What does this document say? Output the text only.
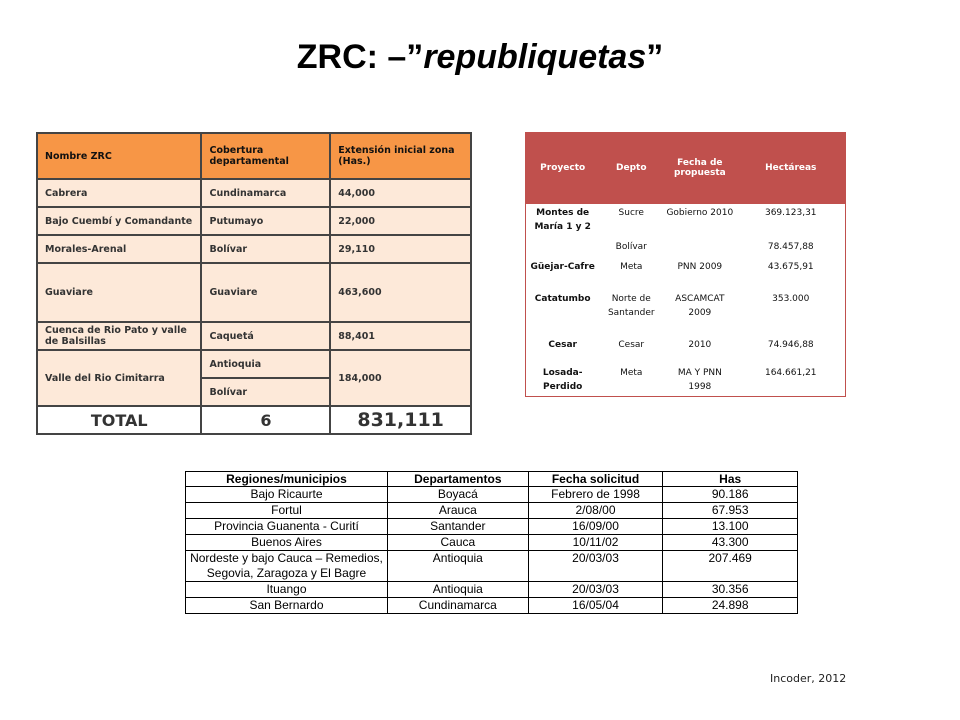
ZRC: –”republiquetas”
Nombre ZRC	Cobertura departamental	Extensión inicial zona (Has.)
Cabrera	Cundinamarca	44,000
Bajo Cuembí y Comandante	Putumayo	22,000
Morales-Arenal	Bolívar	29,110
Guaviare	Guaviare	463,600
Cuenca de Rio Pato y valle de Balsillas	Caquetá	88,401
Valle del Rio Cimitarra	Antioquia	184,000
	Bolívar	
TOTAL	6	831,111
Proyecto	Depto	Fecha de propuesta	Hectáreas
Montes de María 1 y 2	Sucre	Gobierno 2010	369.123,31
	Bolívar		78.457,88
Güejar-Cafre	Meta	PNN 2009	43.675,91
Catatumbo	Norte de Santander	ASCAMCAT 2009	353.000
Cesar	Cesar	2010	74.946,88
Losada-Perdido	Meta	MA Y PNN 1998	164.661,21
Regiones/municipios	Departamentos	Fecha solicitud	Has
Bajo Ricaurte	Boyacá	Febrero de 1998	90.186
Fortul	Arauca	2/08/00	67.953
Provincia Guanenta - Curití	Santander	16/09/00	13.100
Buenos Aires	Cauca	10/11/02	43.300
Nordeste y bajo Cauca – Remedios, Segovia, Zaragoza y El Bagre	Antioquia	20/03/03	207.469
Ituango	Antioquia	20/03/03	30.356
San Bernardo	Cundinamarca	16/05/04	24.898
Incoder, 2012
